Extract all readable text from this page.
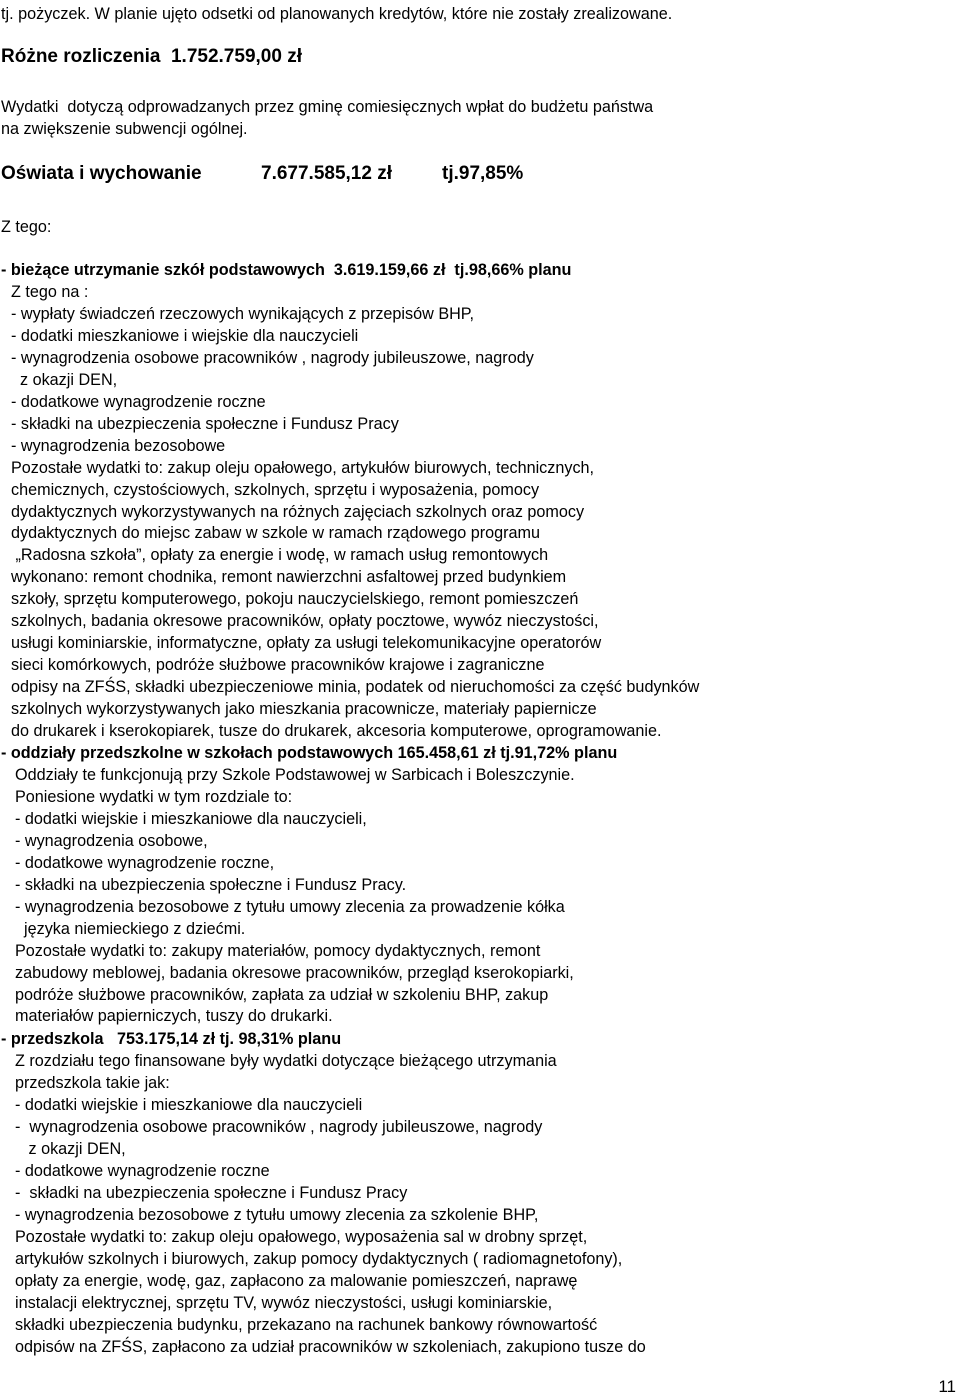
tj. pożyczek. W planie ujęto odsetki od planowanych kredytów, które nie zostały zrealizowane.
Różne rozliczenia  1.752.759,00 zł
Wydatki  dotyczą odprowadzanych przez gminę comiesięcznych wpłat do budżetu państwa
na zwiększenie subwencji ogólnej.
Oświata i wychowanie	7.677.585,12 zł	tj.97,85%
Z tego:
- bieżące utrzymanie szkół podstawowych  3.619.159,66 zł  tj.98,66% planu
Z tego na :
- wypłaty świadczeń rzeczowych wynikających z przepisów BHP,
- dodatki mieszkaniowe i wiejskie dla nauczycieli
- wynagrodzenia osobowe pracowników , nagrody jubileuszowe, nagrody
z okazji DEN,
- dodatkowe wynagrodzenie roczne
- składki na ubezpieczenia społeczne i Fundusz Pracy
- wynagrodzenia bezosobowe
Pozostałe wydatki to: zakup oleju opałowego, artykułów biurowych, technicznych,
chemicznych, czystościowych, szkolnych, sprzętu i wyposażenia, pomocy
dydaktycznych wykorzystywanych na różnych zajęciach szkolnych oraz pomocy
dydaktycznych do miejsc zabaw w szkole w ramach rządowego programu
„Radosna szkoła”, opłaty za energie i wodę, w ramach usług remontowych
wykonano: remont chodnika, remont nawierzchni asfaltowej przed budynkiem
szkoły, sprzętu komputerowego, pokoju nauczycielskiego, remont pomieszczeń
szkolnych, badania okresowe pracowników, opłaty pocztowe, wywóz nieczystości,
usługi kominiarskie, informatyczne, opłaty za usługi telekomunikacyjne operatorów
sieci komórkowych, podróże służbowe pracowników krajowe i zagraniczne
odpisy na ZFŚS, składki ubezpieczeniowe minia, podatek od nieruchomości za część budynków
szkolnych wykorzystywanych jako mieszkania pracownicze, materiały papiernicze
do drukarek i kserokopiarek, tusze do drukarek, akcesoria komputerowe, oprogramowanie.
- oddziały przedszkolne w szkołach podstawowych 165.458,61 zł tj.91,72% planu
Oddziały te funkcjonują przy Szkole Podstawowej w Sarbicach i Boleszczynie.
Poniesione wydatki w tym rozdziale to:
- dodatki wiejskie i mieszkaniowe dla nauczycieli,
- wynagrodzenia osobowe,
- dodatkowe wynagrodzenie roczne,
- składki na ubezpieczenia społeczne i Fundusz Pracy.
- wynagrodzenia bezosobowe z tytułu umowy zlecenia za prowadzenie kółka
języka niemieckiego z dziećmi.
Pozostałe wydatki to: zakupy materiałów, pomocy dydaktycznych, remont
zabudowy meblowej, badania okresowe pracowników, przegląd kserokopiarki,
podróże służbowe pracowników, zapłata za udział w szkoleniu BHP, zakup
materiałów papierniczych, tuszy do drukarki.
- przedszkola   753.175,14 zł tj. 98,31% planu
Z rozdziału tego finansowane były wydatki dotyczące bieżącego utrzymania
przedszkola takie jak:
- dodatki wiejskie i mieszkaniowe dla nauczycieli
-  wynagrodzenia osobowe pracowników , nagrody jubileuszowe, nagrody
z okazji DEN,
- dodatkowe wynagrodzenie roczne
-  składki na ubezpieczenia społeczne i Fundusz Pracy
- wynagrodzenia bezosobowe z tytułu umowy zlecenia za szkolenie BHP,
Pozostałe wydatki to: zakup oleju opałowego, wyposażenia sal w drobny sprzęt,
artykułów szkolnych i biurowych, zakup pomocy dydaktycznych ( radiomagnetofony),
opłaty za energie, wodę, gaz, zapłacono za malowanie pomieszczeń, naprawę
instalacji elektrycznej, sprzętu TV, wywóz nieczystości, usługi kominiarskie,
składki ubezpieczenia budynku, przekazano na rachunek bankowy równowartość
odpisów na ZFŚS, zapłacono za udział pracowników w szkoleniach, zakupiono tusze do
11
